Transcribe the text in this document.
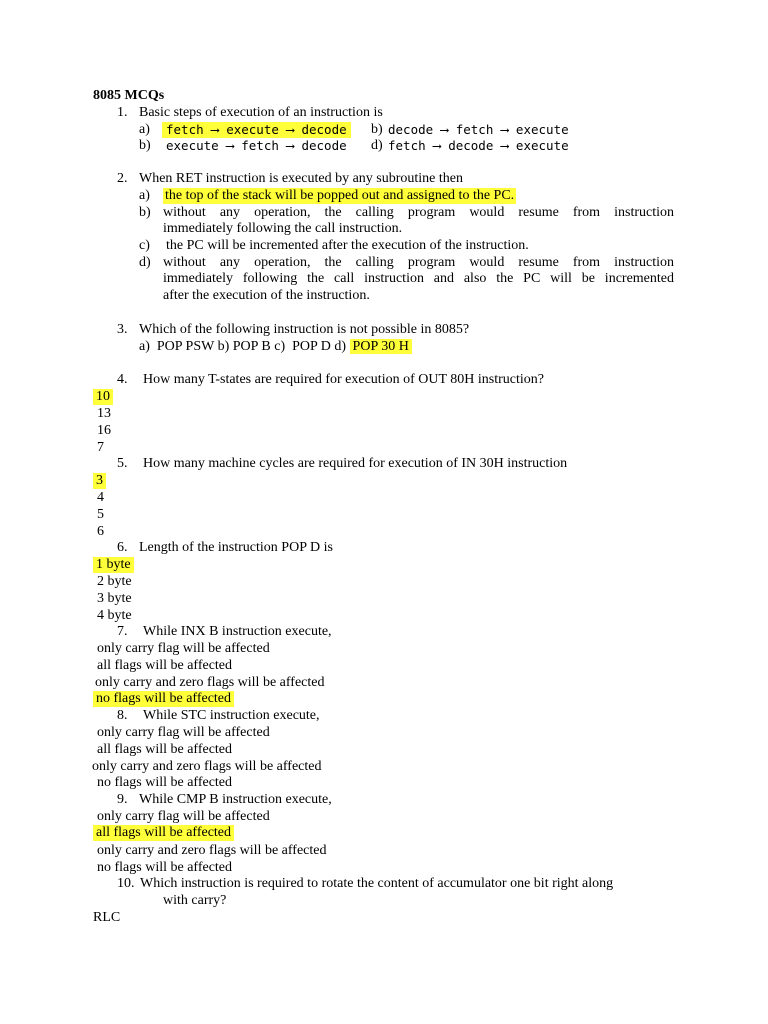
8085 MCQs
1. Basic steps of execution of an instruction is
a)	fetch ⟶ execute ⟶ decode b) decode ⟶ fetch ⟶ execute
b) execute ⟶ fetch ⟶ decode d) fetch ⟶ decode ⟶ execute
2. When RET instruction is executed by any subroutine then
a) the top of the stack will be popped out and assigned to the PC.
b) without any operation, the calling program would resume from instruction
immediately following the call instruction.
c) the PC will be incremented after the execution of the instruction.
d) without any operation, the calling program would resume from instruction
immediately following the call instruction and also the PC will be incremented
after the execution of the instruction.
3. Which of the following instruction is not possible in 8085?
a)  POP PSW b) POP B c)  POP D d) POP 30 H
4. How many T-states are required for execution of OUT 80H instruction?
10
13
16
7
5. How many machine cycles are required for execution of IN 30H instruction
3
4
5
6
6. Length of the instruction POP D is
1 byte
2 byte
3 byte
4 byte
7. While INX B instruction execute,
only carry flag will be affected
all flags will be affected
only carry and zero flags will be affected
no flags will be affected
8. While STC instruction execute,
only carry flag will be affected
all flags will be affected
only carry and zero flags will be affected
no flags will be affected
9. While CMP B instruction execute,
only carry flag will be affected
all flags will be affected
only carry and zero flags will be affected
no flags will be affected
10. Which instruction is required to rotate the content of accumulator one bit right along
with carry?
RLC
